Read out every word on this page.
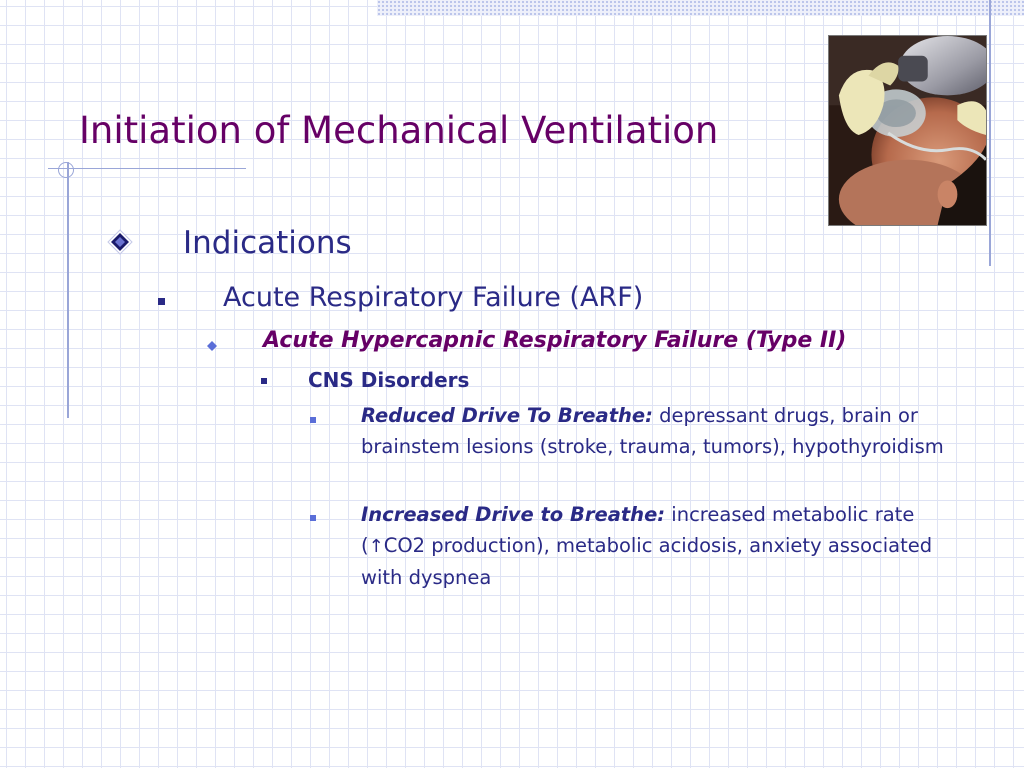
Initiation of Mechanical Ventilation
Indications
Acute Respiratory Failure (ARF)
Acute Hypercapnic Respiratory Failure (Type II)
CNS Disorders
Reduced Drive To Breathe: depressant drugs, brain or brainstem lesions (stroke, trauma, tumors), hypothyroidism
Increased Drive to Breathe: increased metabolic rate (↑CO2 production), metabolic acidosis, anxiety associated with dyspnea
